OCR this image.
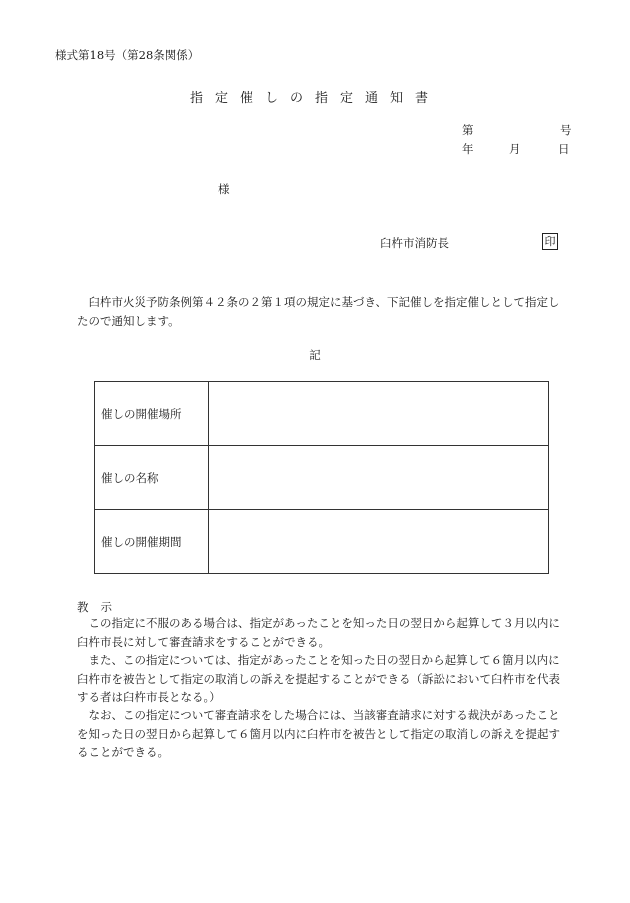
様式第18号（第28条関係）
指定催しの指定通知書
第	号
年	月	日
様
臼杵市消防長	印
臼杵市火災予防条例第４２条の２第１項の規定に基づき、下記催しを指定催しとして指定したので通知します。
記
催しの開催場所	
催しの名称	
催しの開催期間	
教示

この指定に不服のある場合は、指定があったことを知った日の翌日から起算して３月以内に臼杵市長に対して審査請求をすることができる。

また、この指定については、指定があったことを知った日の翌日から起算して６箇月以内に臼杵市を被告として指定の取消しの訴えを提起することができる（訴訟において臼杵市を代表する者は臼杵市長となる。）

なお、この指定について審査請求をした場合には、当該審査請求に対する裁決があったことを知った日の翌日から起算して６箇月以内に臼杵市を被告として指定の取消しの訴えを提起することができる。
